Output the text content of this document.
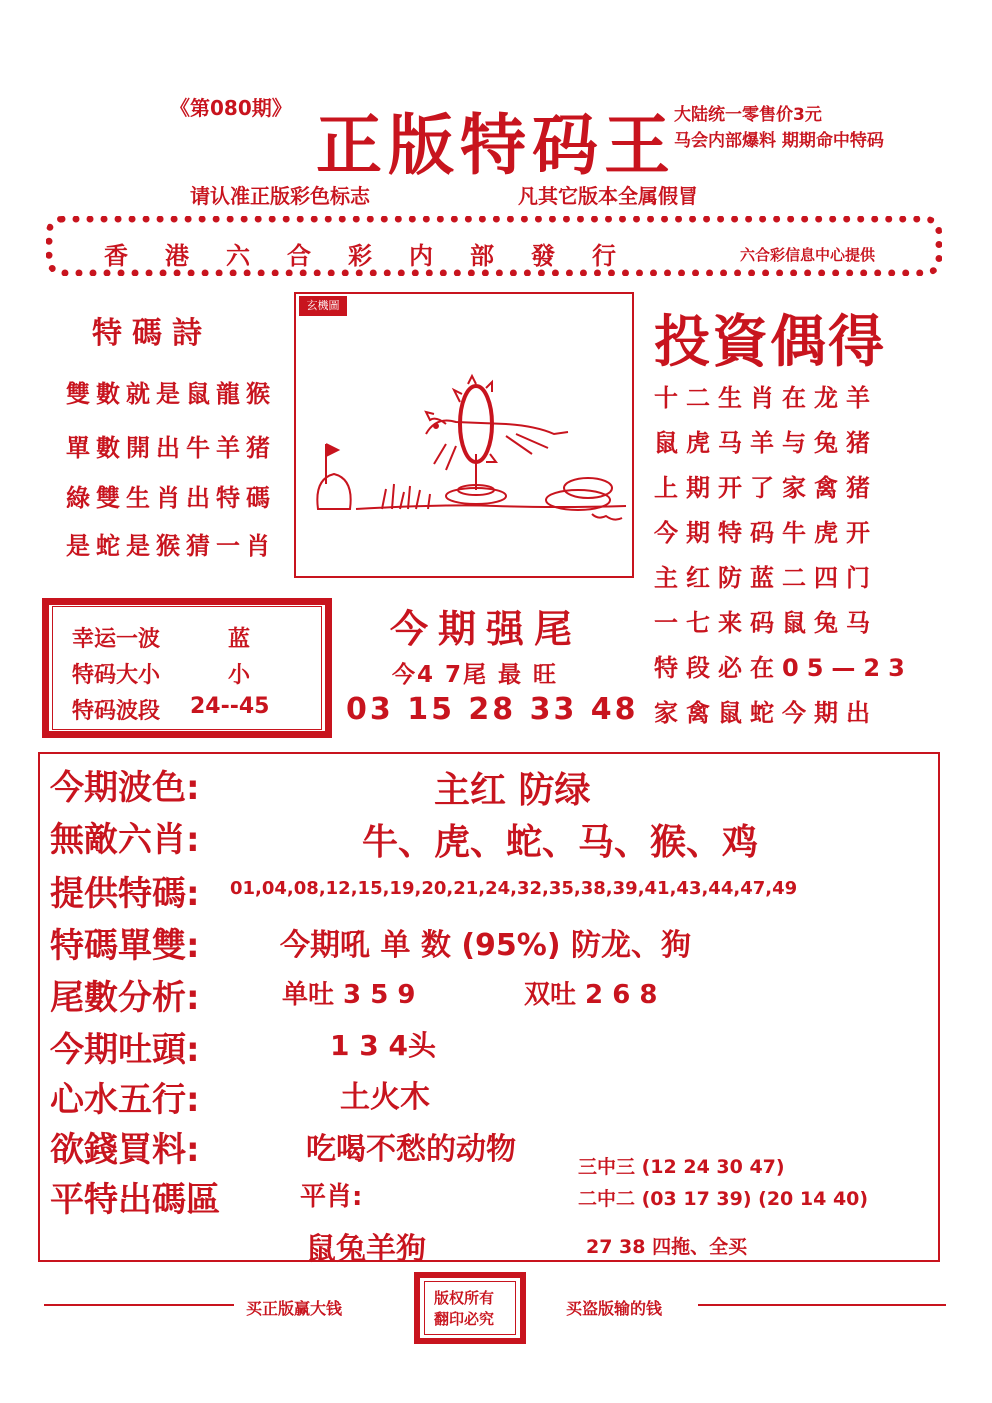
《第080期》 正版特码王
大陆统一零售价3元
马会内部爆料 期期命中特码
请认准正版彩色标志	凡其它版本全属假冒
香港六合彩内部發行	六合彩信息中心提供
特碼詩
雙數就是鼠龍猴
單數開出牛羊猪
綠雙生肖出特碼
是蛇是猴猜一肖
玄機圖
投資偶得
十二生肖在龙羊
鼠虎马羊与兔猪
上期开了家禽猪
今期特码牛虎开
主红防蓝二四门
一七来码鼠兔马
特段必在05—23
家禽鼠蛇今期出
幸运一波	蓝
特码大小	小
特码波段 24--45
今期强尾
今4 7尾 最 旺
03 15 28 33 48
今期波色:	主红 防绿
無敵六肖:	牛、虎、蛇、马、猴、鸡
提供特碼: 01,04,08,12,15,19,20,21,24,32,35,38,39,41,43,44,47,49
特碼單雙:	今期吼 单 数 (95%) 防龙、狗
尾數分析:	单吐 3 5 9	双吐 2 6 8
今期吐頭:	1 3 4头
心水五行:	土火木
欲錢買料:	吃喝不愁的动物
平特出碼區	平肖:
鼠兔羊狗
三中三 (12 24 30 47)
二中二 (03 17 39) (20 14 40)
27 38 四拖、全买
买正版赢大钱
版权所有
翻印必究
买盗版输的钱
